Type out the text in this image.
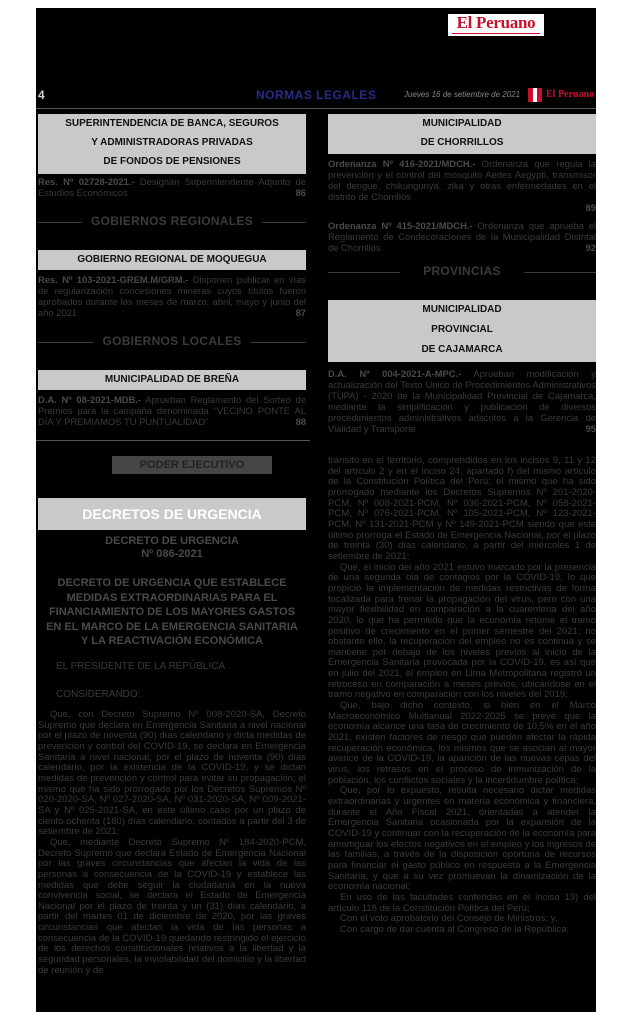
El Peruano
4	NORMAS LEGALES	Jueves 16 de setiembre de 2021	El Peruano
SUPERINTENDENCIA DE BANCA, SEGUROS
Y ADMINISTRADORAS PRIVADAS
DE FONDOS DE PENSIONES
Res. Nº 02728-2021.- Designan Superintendente Adjunto de Estudios Económicos	86
GOBIERNOS REGIONALES
GOBIERNO REGIONAL DE MOQUEGUA
Res. Nº 103-2021-GREM.M/GRM.- Disponen publicar en vías de regularización concesiones mineras cuyos títulos fueron aprobados durante los meses de marzo, abril, mayo y junio del año 2021	87
GOBIERNOS LOCALES
MUNICIPALIDAD DE BREÑA
D.A. Nº 08-2021-MDB.- Aprueban Reglamento del Sorteo de Premios para la campaña denominada "VECINO PONTE AL DÍA Y PREMIAMOS TU PUNTUALIDAD"	88
MUNICIPALIDAD
DE CHORRILLOS
Ordenanza Nº 416-2021/MDCH.- Ordenanza que regula la prevención y el control del mosquito Aedes Aegypti, transmisor del dengue, chikungunya, zika y otras enfermedades en el distrito de Chorrillos
89
Ordenanza Nº 415-2021/MDCH.- Ordenanza que aprueba el Reglamento de Condecoraciones de la Municipalidad Distrital de Chorrillos	92
PROVINCIAS
MUNICIPALIDAD
PROVINCIAL
DE CAJAMARCA
D.A. Nº 004-2021-A-MPC.- Aprueban modificación y actualización del Texto Único de Procedimientos Administrativos (TUPA) - 2020 de la Municipalidad Provincial de Cajamarca, mediante la simplificación y publicación de diversos procedimientos administrativos adscritos a la Gerencia de Vialidad y Transporte	95
PODER EJECUTIVO
DECRETOS DE URGENCIA
DECRETO DE URGENCIA
Nº 086-2021
DECRETO DE URGENCIA QUE ESTABLECE
MEDIDAS EXTRAORDINARIAS PARA EL
FINANCIAMIENTO DE LOS MAYORES GASTOS
EN EL MARCO DE LA EMERGENCIA SANITARIA
Y LA REACTIVACIÓN ECONÓMICA
EL PRESIDENTE DE LA REPÚBLICA
CONSIDERANDO:

Que, con Decreto Supremo Nº 008-2020-SA, Decreto Supremo que declara en Emergencia Sanitaria a nivel nacional por el plazo de noventa (90) días calendario y dicta medidas de prevención y control del COVID-19, se declara en Emergencia Sanitaria a nivel nacional, por el plazo de noventa (90) días calendario, por la existencia de la COVID-19, y se dictan medidas de prevención y control para evitar su propagación; el mismo que ha sido prorrogado por los Decretos Supremos Nº 020-2020-SA, Nº 027-2020-SA, Nº 031-2020-SA, Nº 009-2021-SA y Nº 025-2021-SA, en este último caso por un plazo de ciento ochenta (180) días calendario, contados a partir del 3 de setiembre de 2021;

Que, mediante Decreto Supremo Nº 184-2020-PCM, Decreto Supremo que declara Estado de Emergencia Nacional por las graves circunstancias que afectan la vida de las personas a consecuencia de la COVID-19 y establece las medidas que debe seguir la ciudadanía en la nueva convivencia social, se declara el Estado de Emergencia Nacional por el plazo de treinta y un (31) días calendario, a partir del martes 01 de diciembre de 2020, por las graves circunstancias que afectan la vida de las personas a consecuencia de la COVID-19 quedando restringido el ejercicio de los derechos constitucionales relativos a la libertad y la seguridad personales, la inviolabilidad del domicilio y la libertad de reunión y de

tránsito en el territorio, comprendidos en los incisos 9, 11 y 12 del artículo 2 y en el inciso 24, apartado f) del mismo artículo de la Constitución Política del Perú; el mismo que ha sido prorrogado mediante los Decretos Supremos Nº 201-2020-PCM, Nº 008-2021-PCM, Nº 036-2021-PCM, Nº 058-2021-PCM, Nº 076-2021-PCM, Nº 105-2021-PCM, Nº 123-2021-PCM, Nº 131-2021-PCM y Nº 149-2021-PCM siendo que este último prorroga el Estado de Emergencia Nacional, por el plazo de treinta (30) días calendario, a partir del miércoles 1 de setiembre de 2021;

Que, el inicio del año 2021 estuvo marcado por la presencia de una segunda ola de contagios por la COVID-19, lo que propició la implementación de medidas restrictivas de forma focalizada para frenar la propagación del virus, pero con una mayor flexibilidad en comparación a la cuarentena del año 2020, lo que ha permitido que la economía retome el tramo positivo de crecimiento en el primer semestre del 2021; no obstante ello, la recuperación del empleo no es continua y se mantiene por debajo de los niveles previos al inicio de la Emergencia Sanitaria provocada por la COVID-19, es así que en julio del 2021, el empleo en Lima Metropolitana registró un retroceso en comparación a meses previos, ubicándose en el tramo negativo en comparación con los niveles del 2019;

Que, bajo dicho contexto, si bien en el Marco Macroeconómico Multianual 2022-2025 se prevé que la economía alcance una tasa de crecimiento de 10,5% en el año 2021, existen factores de riesgo que pueden afectar la rápida recuperación económica, los mismos que se asocian al mayor avance de la COVID-19, la aparición de las nuevas cepas del virus, los retrasos en el proceso de inmunización de la población, los conflictos sociales y la incertidumbre política;

Que, por lo expuesto, resulta necesario dictar medidas extraordinarias y urgentes en materia económica y financiera, durante el Año Fiscal 2021, orientadas a atender la Emergencia Sanitaria ocasionada por la expansión de la COVID-19 y continuar con la recuperación de la economía para amortiguar los efectos negativos en el empleo y los ingresos de las familias, a través de la disposición oportuna de recursos para financiar el gasto público en respuesta a la Emergencia Sanitaria, y que a su vez promuevan la dinamización de la economía nacional;

En uso de las facultades conferidas en el inciso 19) del artículo 118 de la Constitución Política del Perú;

Con el voto aprobatorio del Consejo de Ministros; y,

Con cargo de dar cuenta al Congreso de la República;
